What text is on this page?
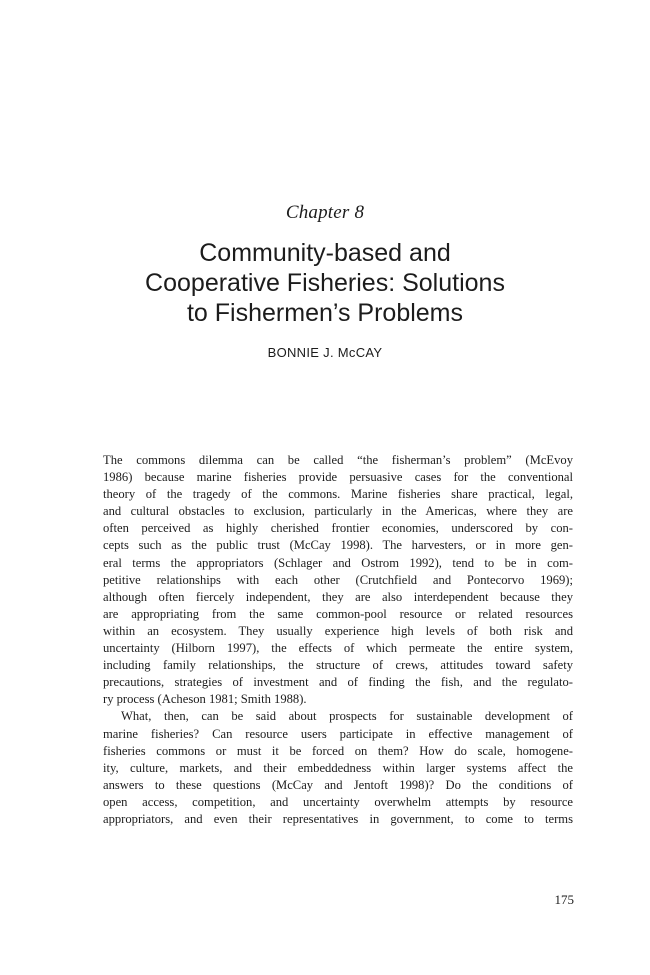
Chapter 8
Community-based and
Cooperative Fisheries: Solutions
to Fishermen’s Problems
BONNIE J. McCAY
The commons dilemma can be called “the fisherman’s problem” (McEvoy
1986) because marine fisheries provide persuasive cases for the conventional
theory of the tragedy of the commons. Marine fisheries share practical, legal,
and cultural obstacles to exclusion, particularly in the Americas, where they are
often perceived as highly cherished frontier economies, underscored by con-
cepts such as the public trust (McCay 1998). The harvesters, or in more gen-
eral terms the appropriators (Schlager and Ostrom 1992), tend to be in com-
petitive relationships with each other (Crutchfield and Pontecorvo 1969);
although often fiercely independent, they are also interdependent because they
are appropriating from the same common-pool resource or related resources
within an ecosystem. They usually experience high levels of both risk and
uncertainty (Hilborn 1997), the effects of which permeate the entire system,
including family relationships, the structure of crews, attitudes toward safety
precautions, strategies of investment and of finding the fish, and the regulato-
ry process (Acheson 1981; Smith 1988).
What, then, can be said about prospects for sustainable development of
marine fisheries? Can resource users participate in effective management of
fisheries commons or must it be forced on them? How do scale, homogene-
ity, culture, markets, and their embeddedness within larger systems affect the
answers to these questions (McCay and Jentoft 1998)? Do the conditions of
open access, competition, and uncertainty overwhelm attempts by resource
appropriators, and even their representatives in government, to come to terms
175
